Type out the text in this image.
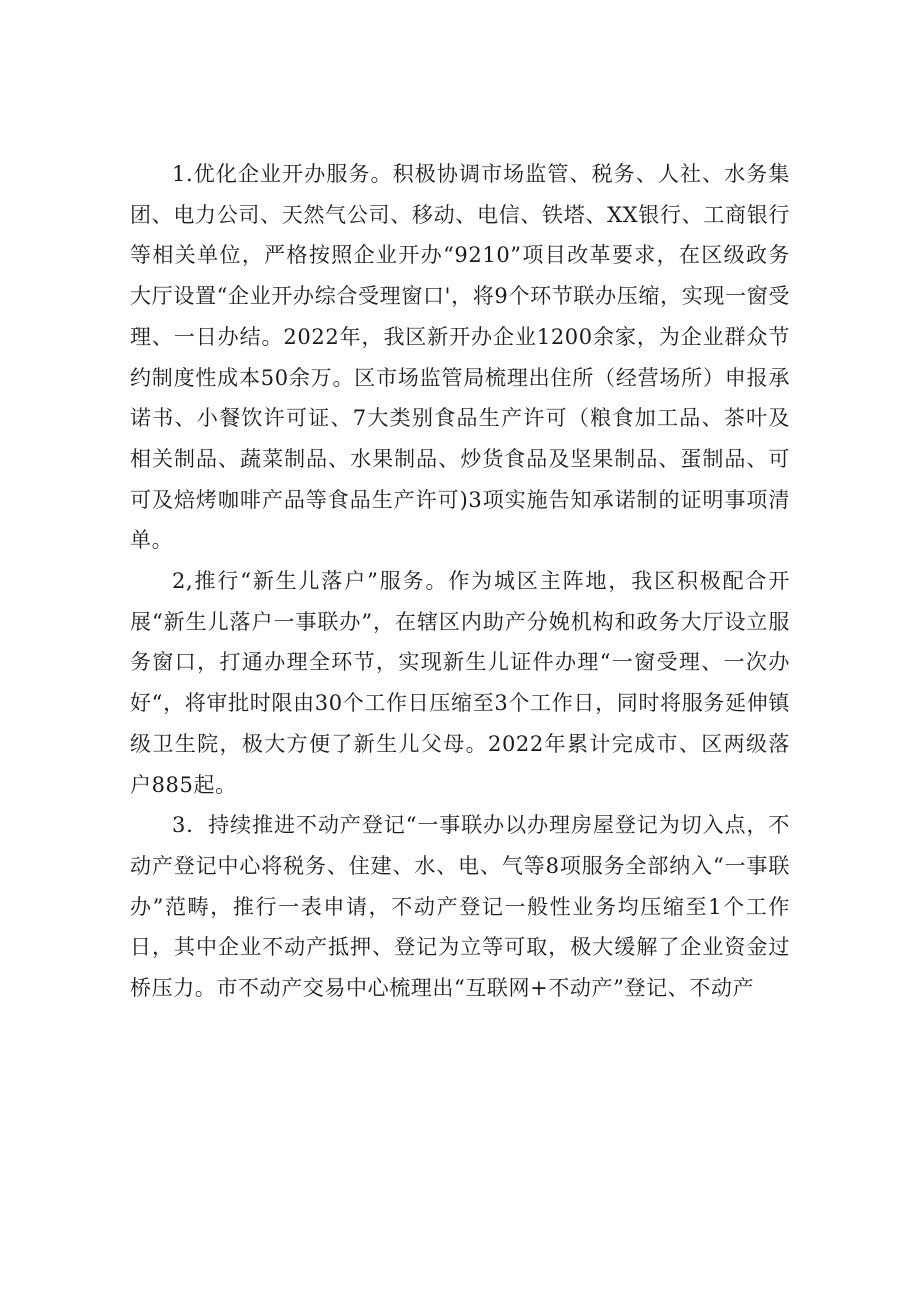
1.优化企业开办服务。积极协调市场监管、税务、人社、水务集团、电力公司、天然气公司、移动、电信、铁塔、XX银行、工商银行等相关单位，严格按照企业开办“9210”项目改革要求，在区级政务大厅设置“企业开办综合受理窗口'，将9个环节联办压缩，实现一窗受理、一日办结。2022年，我区新开办企业1200余家，为企业群众节约制度性成本50余万。区市场监管局梳理出住所（经营场所）申报承诺书、小餐饮许可证、7大类别食品生产许可（粮食加工品、茶叶及相关制品、蔬菜制品、水果制品、炒货食品及坚果制品、蛋制品、可可及焙烤咖啡产品等食品生产许可)3项实施告知承诺制的证明事项清单。

2,推行“新生儿落户”服务。作为城区主阵地，我区积极配合开展“新生儿落户一事联办”，在辖区内助产分娩机构和政务大厅设立服务窗口，打通办理全环节，实现新生儿证件办理“一窗受理、一次办好“，将审批时限由30个工作日压缩至3个工作日，同时将服务延伸镇级卫生院，极大方便了新生儿父母。2022年累计完成市、区两级落户885起。

3．持续推进不动产登记“一事联办以办理房屋登记为切入点，不动产登记中心将税务、住建、水、电、气等8项服务全部纳入“一事联办”范畴，推行一表申请，不动产登记一般性业务均压缩至1个工作日，其中企业不动产抵押、登记为立等可取，极大缓解了企业资金过桥压力。市不动产交易中心梳理出“互联网+不动产”登记、不动产
